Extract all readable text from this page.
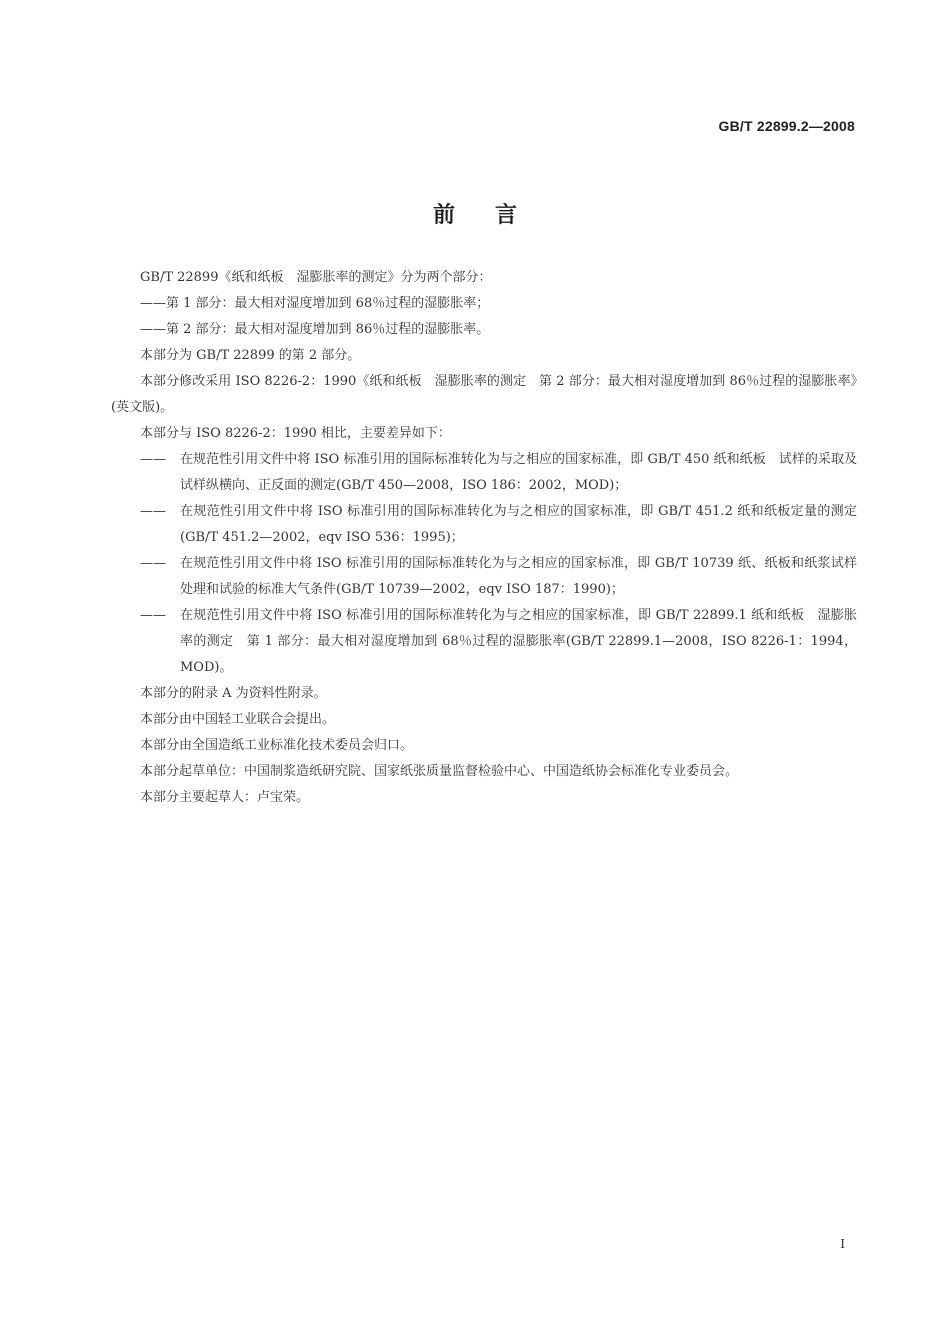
GB/T 22899.2—2008
前言

GB/T 22899《纸和纸板　湿膨胀率的测定》分为两个部分：

——第 1 部分：最大相对湿度增加到 68％过程的湿膨胀率；

——第 2 部分：最大相对湿度增加到 86％过程的湿膨胀率。

本部分为 GB/T 22899 的第 2 部分。

本部分修改采用 ISO 8226-2：1990《纸和纸板　湿膨胀率的测定　第 2 部分：最大相对湿度增加到 86％过程的湿膨胀率》(英文版)。

本部分与 ISO 8226-2：1990 相比，主要差异如下：

——	在规范性引用文件中将 ISO 标准引用的国际标准转化为与之相应的国家标准，即 GB/T 450 纸和纸板　试样的采取及试样纵横向、正反面的测定(GB/T 450—2008，ISO 186：2002，MOD)；

——	在规范性引用文件中将 ISO 标准引用的国际标准转化为与之相应的国家标准，即 GB/T 451.2 纸和纸板定量的测定(GB/T 451.2—2002，eqv ISO 536：1995)；

——	在规范性引用文件中将 ISO 标准引用的国际标准转化为与之相应的国家标准，即 GB/T 10739 纸、纸板和纸浆试样处理和试验的标准大气条件(GB/T 10739—2002，eqv ISO 187：1990)；

——	在规范性引用文件中将 ISO 标准引用的国际标准转化为与之相应的国家标准，即 GB/T 22899.1 纸和纸板　湿膨胀率的测定　第 1 部分：最大相对湿度增加到 68％过程的湿膨胀率(GB/T 22899.1—2008，ISO 8226-1：1994，MOD)。

本部分的附录 A 为资料性附录。

本部分由中国轻工业联合会提出。

本部分由全国造纸工业标准化技术委员会归口。

本部分起草单位：中国制浆造纸研究院、国家纸张质量监督检验中心、中国造纸协会标准化专业委员会。

本部分主要起草人：卢宝荣。

I
